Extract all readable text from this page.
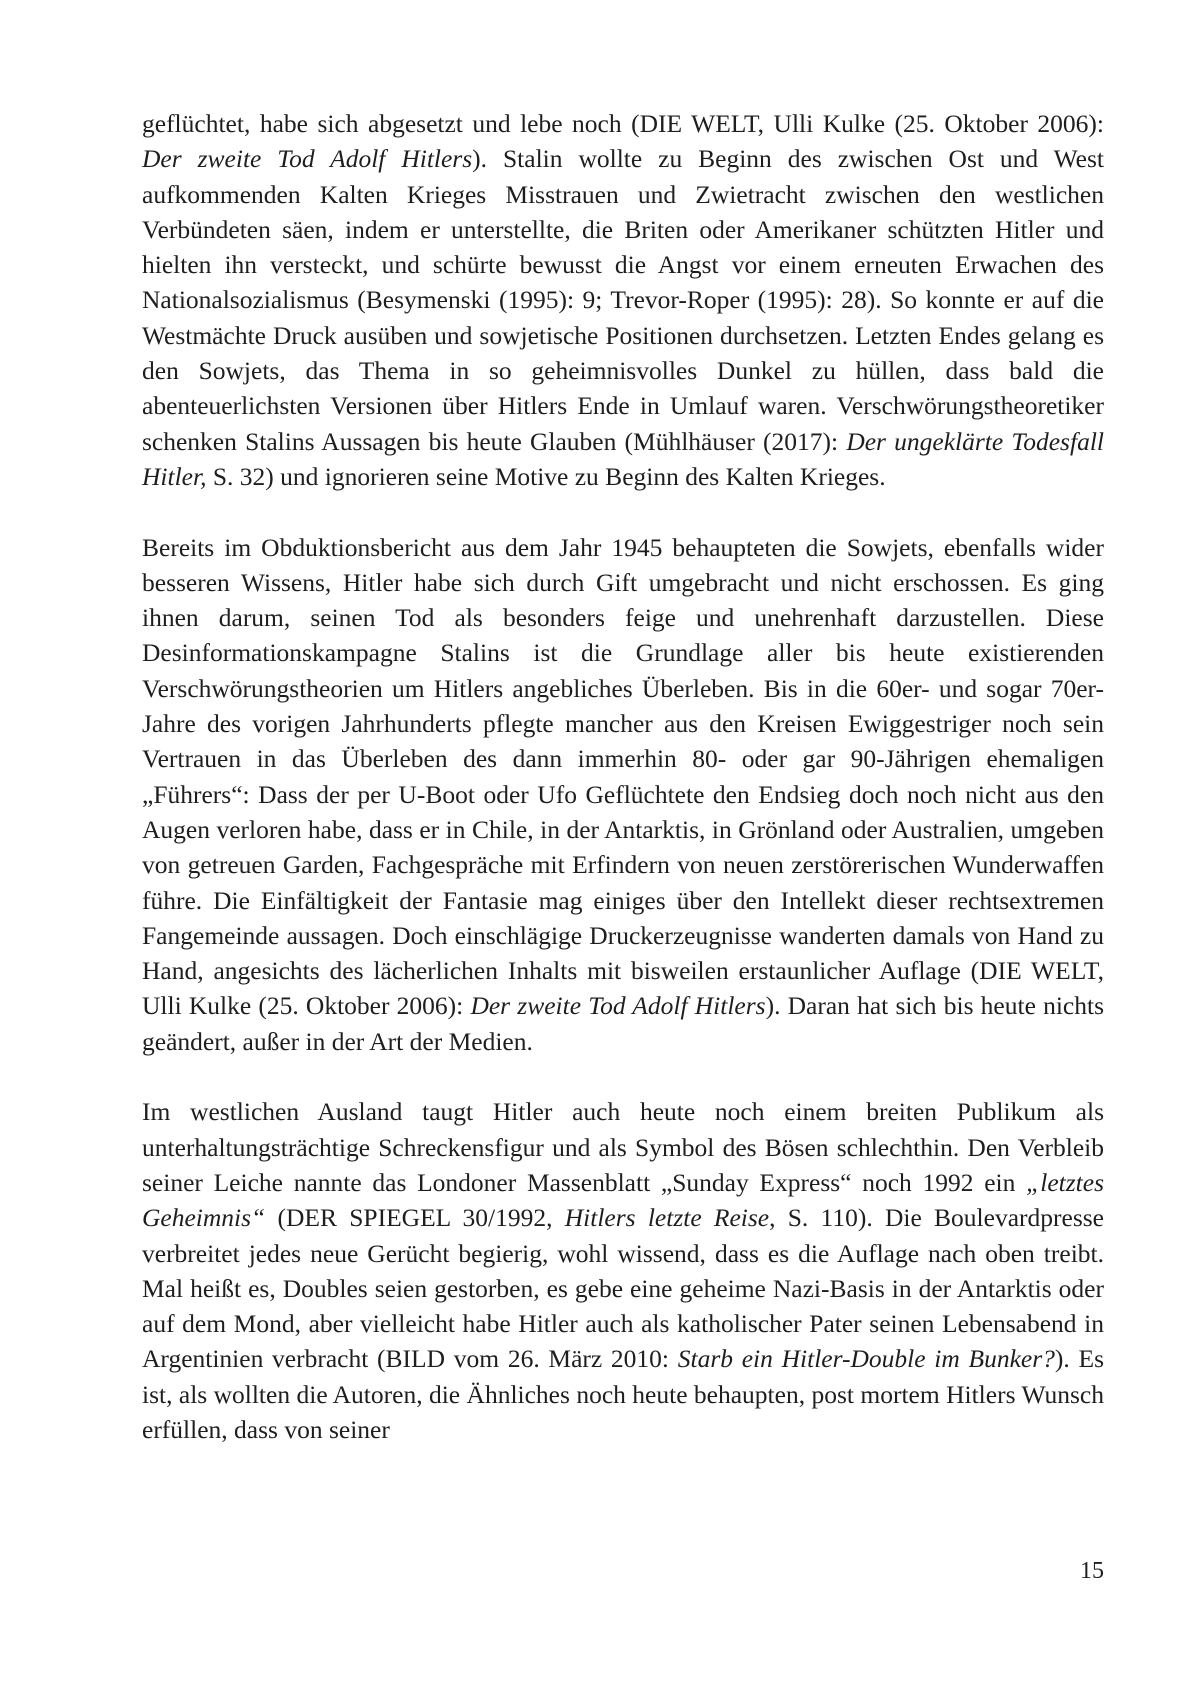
geflüchtet, habe sich abgesetzt und lebe noch (DIE WELT, Ulli Kulke (25. Oktober 2006): Der zweite Tod Adolf Hitlers). Stalin wollte zu Beginn des zwischen Ost und West aufkommenden Kalten Krieges Misstrauen und Zwietracht zwischen den westlichen Verbündeten säen, indem er unterstellte, die Briten oder Amerikaner schützten Hitler und hielten ihn versteckt, und schürte bewusst die Angst vor einem erneuten Erwachen des Nationalsozialismus (Besymenski (1995): 9; Trevor-Roper (1995): 28). So konnte er auf die Westmächte Druck ausüben und sowjetische Positionen durchsetzen. Letzten Endes gelang es den Sowjets, das Thema in so geheimnisvolles Dunkel zu hüllen, dass bald die abenteuerlichsten Versionen über Hitlers Ende in Umlauf waren. Verschwörungstheoretiker schenken Stalins Aussagen bis heute Glauben (Mühlhäuser (2017): Der ungeklärte Todesfall Hitler, S. 32) und ignorieren seine Motive zu Beginn des Kalten Krieges.

Bereits im Obduktionsbericht aus dem Jahr 1945 behaupteten die Sowjets, ebenfalls wider besseren Wissens, Hitler habe sich durch Gift umgebracht und nicht erschossen. Es ging ihnen darum, seinen Tod als besonders feige und unehrenhaft darzustellen. Diese Desinformationskampagne Stalins ist die Grundlage aller bis heute existierenden Verschwörungstheorien um Hitlers angebliches Überleben. Bis in die 60er- und sogar 70er-Jahre des vorigen Jahrhunderts pflegte mancher aus den Kreisen Ewiggestriger noch sein Vertrauen in das Überleben des dann immerhin 80- oder gar 90-Jährigen ehemaligen „Führers“: Dass der per U-Boot oder Ufo Geflüchtete den Endsieg doch noch nicht aus den Augen verloren habe, dass er in Chile, in der Antarktis, in Grönland oder Australien, umgeben von getreuen Garden, Fachgespräche mit Erfindern von neuen zerstörerischen Wunderwaffen führe. Die Einfältigkeit der Fantasie mag einiges über den Intellekt dieser rechtsextremen Fangemeinde aussagen. Doch einschlägige Druckerzeugnisse wanderten damals von Hand zu Hand, angesichts des lächerlichen Inhalts mit bisweilen erstaunlicher Auflage (DIE WELT, Ulli Kulke (25. Oktober 2006): Der zweite Tod Adolf Hitlers). Daran hat sich bis heute nichts geändert, außer in der Art der Medien.

Im westlichen Ausland taugt Hitler auch heute noch einem breiten Publikum als unterhaltungsträchtige Schreckensfigur und als Symbol des Bösen schlechthin. Den Verbleib seiner Leiche nannte das Londoner Massenblatt „Sunday Express“ noch 1992 ein „letztes Geheimnis“ (DER SPIEGEL 30/1992, Hitlers letzte Reise, S. 110). Die Boulevardpresse verbreitet jedes neue Gerücht begierig, wohl wissend, dass es die Auflage nach oben treibt. Mal heißt es, Doubles seien gestorben, es gebe eine geheime Nazi-Basis in der Antarktis oder auf dem Mond, aber vielleicht habe Hitler auch als katholischer Pater seinen Lebensabend in Argentinien verbracht (BILD vom 26. März 2010: Starb ein Hitler-Double im Bunker?). Es ist, als wollten die Autoren, die Ähnliches noch heute behaupten, post mortem Hitlers Wunsch erfüllen, dass von seiner

15
